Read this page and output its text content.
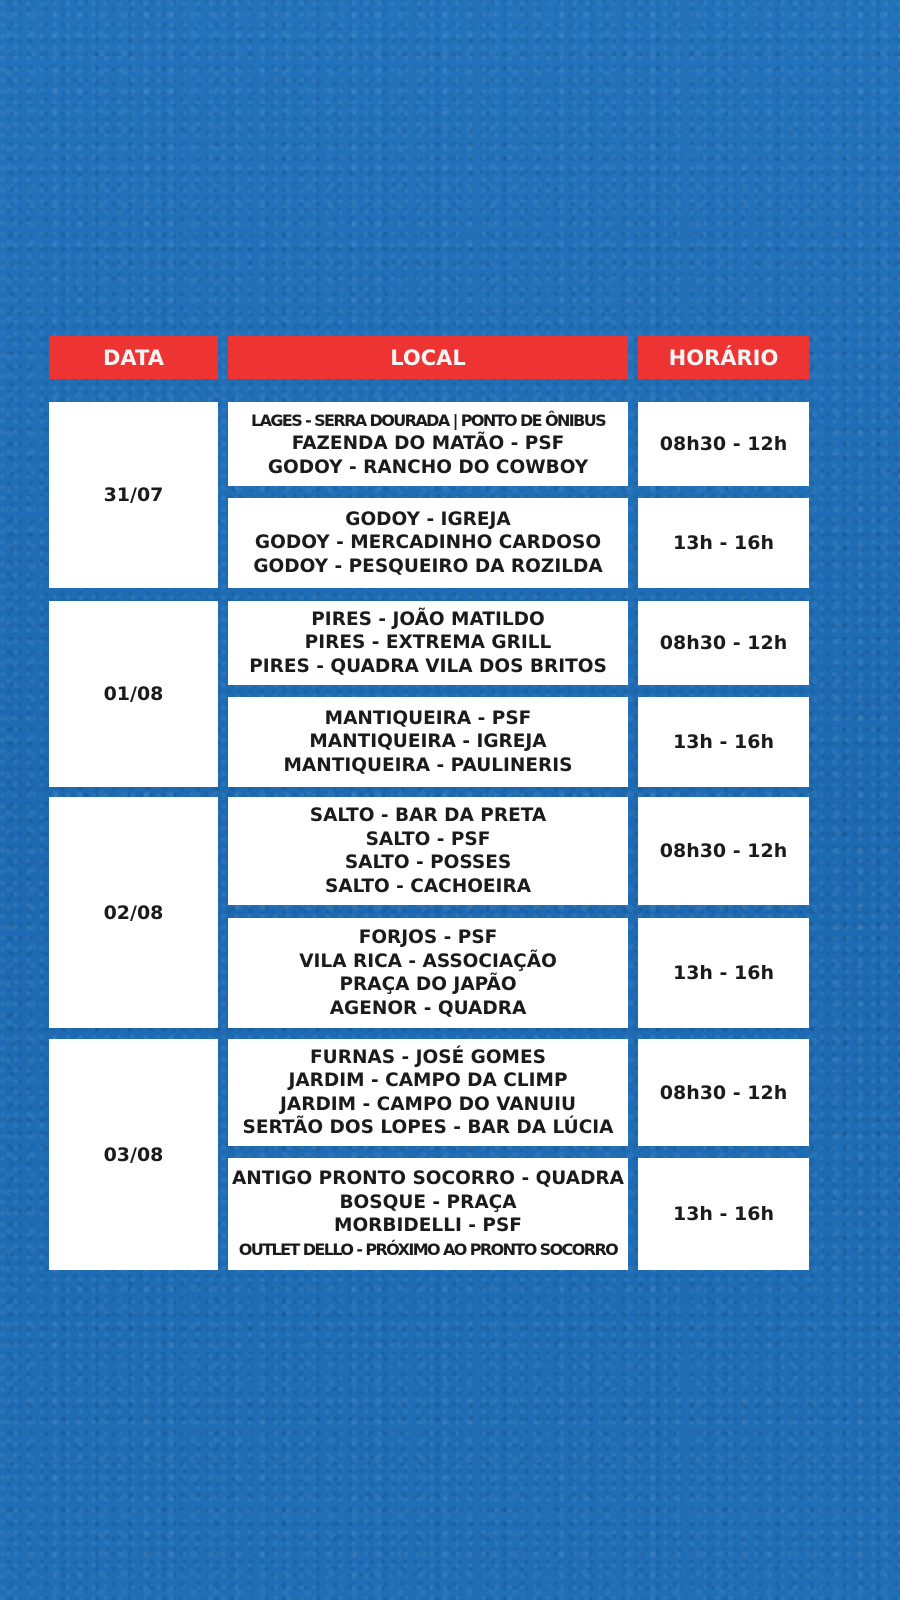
DATA	LOCAL	HORÁRIO
31/07
LAGES - SERRA DOURADA | PONTO DE ÔNIBUS
FAZENDA DO MATÃO - PSF
GODOY - RANCHO DO COWBOY
08h30 - 12h
GODOY - IGREJA
GODOY - MERCADINHO CARDOSO
GODOY - PESQUEIRO DA ROZILDA
13h - 16h
01/08
PIRES - JOÃO MATILDO
PIRES - EXTREMA GRILL
PIRES - QUADRA VILA DOS BRITOS
08h30 - 12h
MANTIQUEIRA - PSF
MANTIQUEIRA - IGREJA
MANTIQUEIRA - PAULINERIS
13h - 16h
02/08
SALTO - BAR DA PRETA
SALTO - PSF
SALTO - POSSES
SALTO - CACHOEIRA
08h30 - 12h
FORJOS - PSF
VILA RICA - ASSOCIAÇÃO
PRAÇA DO JAPÃO
AGENOR - QUADRA
13h - 16h
03/08
FURNAS - JOSÉ GOMES
JARDIM - CAMPO DA CLIMP
JARDIM - CAMPO DO VANUIU
SERTÃO DOS LOPES - BAR DA LÚCIA
08h30 - 12h
ANTIGO PRONTO SOCORRO - QUADRA
BOSQUE - PRAÇA
MORBIDELLI - PSF
OUTLET DELLO - PRÓXIMO AO PRONTO SOCORRO
13h - 16h
